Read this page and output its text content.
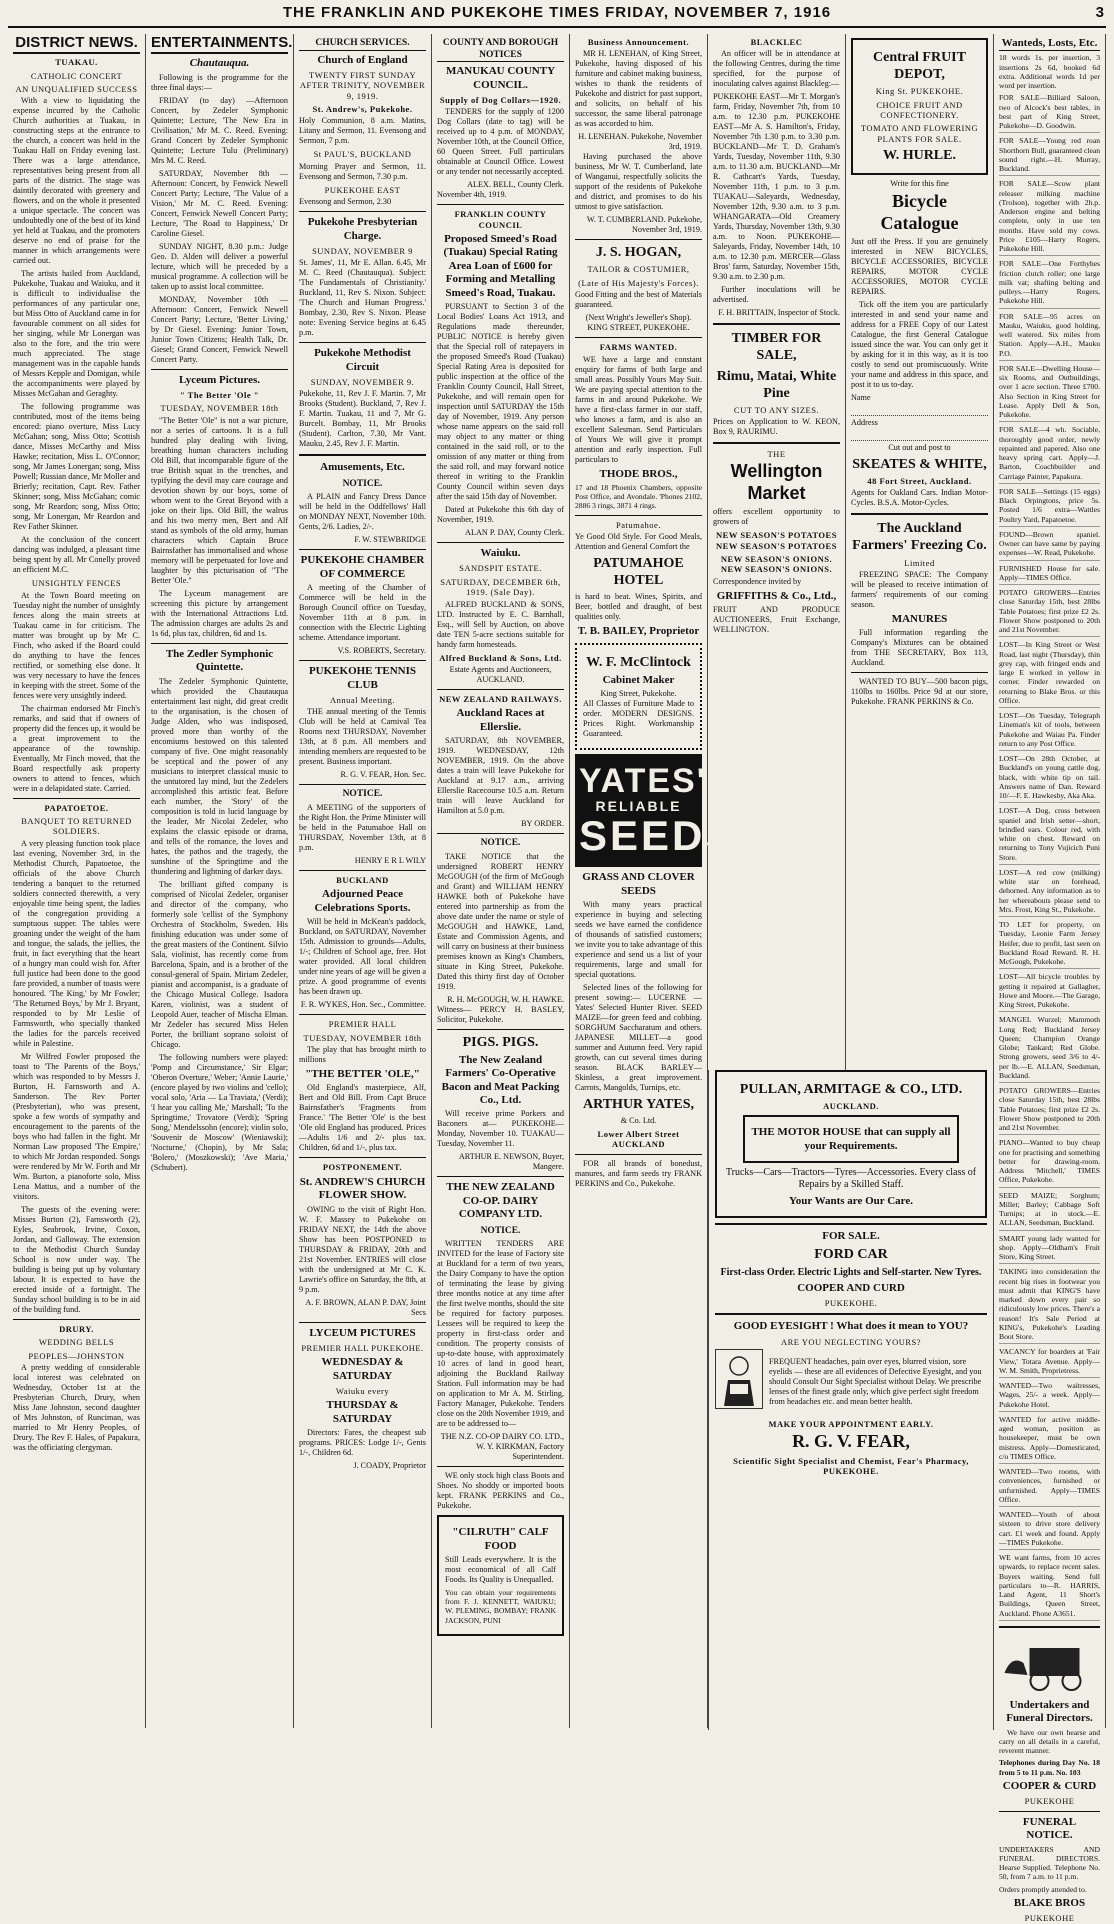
THE FRANKLIN AND PUKEKOHE TIMES FRIDAY, NOVEMBER 7, 1916	3
DISTRICT NEWS.
TUAKAU.
CATHOLIC CONCERT
AN UNQUALIFIED SUCCESS

With a view to liquidating the expense incurred by the Catholic Church authorities at Tuakau, in constructing steps at the entrance to the church, a concert was held in the Tuakau Hall on Friday evening last. There was a large attendance, representatives being present from all parts of the district. The stage was daintily decorated with greenery and flowers, and on the whole it presented a unique spectacle. The concert was undoubtedly one of the best of its kind yet held at Tuakau, and the promoters deserve no end of praise for the manner in which arrangements were carried out.

The artists hailed from Auckland, Pukekohe, Tuakau and Waiuku, and it is difficult to individualise the performances of any particular one, but Miss Otto of Auckland came in for favourable comment on all sides for her singing, while Mr Lonergan was also to the fore, and the trio were much appreciated. The stage management was in the capable hands of Messrs Kepple and Domigan, while the accompaniments were played by Misses McGahan and Geraghty.

The following programme was contributed, most of the items being encored: piano overture, Miss Lucy McGahan; song, Miss Otto; Scottish dance, Misses McCarthy and Miss Hawke; recitation, Miss L. O'Connor; song, Mr James Lonergan; song, Miss Powell; Russian dance, Mr Moller and Brierly; recitation, Capt. Rev. Father Skinner; song, Miss McGahan; comic song, Mr Reardon; song, Miss Otto; song, Mr Lonergan, Mr Reardon and Rev Father Skinner.

At the conclusion of the concert dancing was indulged, a pleasant time being spent by all. Mr Conelly proved an efficient M.C.

UNSIGHTLY FENCES

At the Town Board meeting on Tuesday night the number of unsightly fences along the main streets at Tuakau came in for criticism. The matter was brought up by Mr C. Finch, who asked if the Board could do anything to have the fences rectified, or something else done. It was very necessary to have the fences in keeping with the street. Some of the fences were very unsightly indeed.

The chairman endorsed Mr Finch's remarks, and said that if owners of property did the fences up, it would be a great improvement to the appearance of the township. Eventually, Mr Finch moved, that the Board respectfully ask property owners to attend to fences, which were in a delapidated state. Carried.

PAPATOETOE.
BANQUET TO RETURNED SOLDIERS.

A very pleasing function took place last evening, November 3rd, in the Methodist Church, Papatoetoe, the officials of the above Church tendering a banquet to the returned soldiers connected therewith, a very enjoyable time being spent, the ladies of the congregation providing a sumptuous supper. The tables were groaning under the weight of the ham and tongue, the salads, the jellies, the fruit, in fact everything that the heart of a hungry man could wish for. After full justice had been done to the good fare provided, a number of toasts were honoured. 'The King,' by Mr Fowler; 'The Returned Boys,' by Mr J. Bryant, responded to by Mr Leslie of Farmsworth, who specially thanked the ladies for the parcels received while in Palestine.

Mr Wilfred Fowler proposed the toast to 'The Parents of the Boys,' which was responded to by Messrs J. Burton, H. Farnsworth and A. Sanderson. The Rev Porter (Presbyterian), who was present, spoke a few words of sympathy and encouragement to the parents of the boys who had fallen in the fight. Mr Norman Law proposed 'The Empire,' to which Mr Jordan responded. Songs were rendered by Mr W. Forth and Mr Wm. Burton, a pianoforte solo, Miss Lena Mattus, and a number of the visitors.

The guests of the evening were: Misses Burton (2), Farnsworth (2), Eyles, Seabrook, Irvine, Coxon, Jordan, and Galloway. The extension to the Methodist Church Sunday School is now under way. The building is being put up by voluntary labour. It is expected to have the erected inside of a fortnight. The Sunday school building is to be in aid of the building fund.

DRURY.
WEDDING BELLS
PEOPLES—JOHNSTON

A pretty wedding of considerable local interest was celebrated on Wednesday, October 1st at the Presbyterian Church, Drury, when Miss Jane Johnston, second daughter of Mrs Johnston, of Runciman, was married to Mr Henry Peoples, of Drury. The Rev F. Hales, of Papakura, was the officiating clergyman.

ENTERTAINMENTS.
Chautauqua.

Following is the programme for the three final days:—

FRIDAY (to day) —Afternoon Concert, by Zedeler Symphonic Quintette; Lecture, 'The New Era in Civilisation,' Mr M. C. Reed. Evening: Grand Concert by Zedeler Symphonic Quintette; Lecture Tulu (Preliminary) Mrs M. C. Reed.

SATURDAY, November 8th — Afternoon: Concert, by Fenwick Newell Concert Party; Lecture, 'The Value of a Vision,' Mr M. C. Reed. Evening: Concert, Fenwick Newell Concert Party; Lecture, 'The Road to Happiness,' Dr Caroline Giesel.

SUNDAY NIGHT, 8.30 p.m.: Judge Geo. D. Alden will deliver a powerful lecture, which will be preceded by a musical programme. A collection will be taken up to assist local committee.

MONDAY, November 10th — Afternoon: Concert, Fenwick Newell Concert Party; Lecture, 'Better Living,' by Dr Giesel. Evening: Junior Town, Junior Town Citizens; Health Talk, Dr. Giesel; Grand Concert, Fenwick Newell Concert Party.

Lyceum Pictures.
" The Better 'Ole "
TUESDAY, NOVEMBER 18th

"The Better 'Ole" is not a war picture, nor a series of cartoons. It is a full hundred play dealing with living, breathing human characters including Old Bill, that incomparable figure of the true British squat in the trenches, and typifying the devil may care courage and devotion shown by our boys, some of whom went to the Great Beyond with a joke on their lips. Old Bill, the walrus and his two merry men, Bert and Alf stand as symbols of the old army, human characters which Captain Bruce Bairnsfather has immortalised and whose memory will be perpetuated for love and laughter by this picturisation of "The Better 'Ole."

The Lyceum management are screening this picture by arrangement with the International Attractions Ltd. The admission charges are adults 2s and 1s 6d, plus tax, children, 6d and 1s.

The Zedler Symphonic Quintette.

The Zedeler Symphonic Quintette, which provided the Chautauqua entertainment last night, did great credit to the organisation, is the chosen of Judge Alden, who was indisposed, proved more than worthy of the encomiums bestowed on this talented company of five. One might reasonably be sceptical and the power of any musicians to interpret classical music to the untutored lay mind, but the Zedelers accomplished this artistic feat. Before each number, the 'Story' of the composition is told in lucid language by the leader, Mr Nicolai Zedeler, who explains the classic episode or drama, and tells of the romance, the loves and hates, the pathos and the tragedy, the sunshine of the Springtime and the thundering and lightning of darker days.

The brilliant gifted company is comprised of Nicolai Zedeler, organiser and director of the company, who formerly sole 'cellist of the Symphony Orchestra of Stockholm, Sweden. His finishing education was under some of the great masters of the Continent. Silvio Sala, violinist, has recently come from Barcelona, Spain, and is a brother of the consul-general of Spain. Miriam Zedeler, pianist and accompanist, is a graduate of the Chicago Musical College. Isadora Karen, violinist, was a student of Leopold Auer, teacher of Mischa Elman. Mr Zedeler has secured Miss Helen Porter, the brilliant soprano soloist of Chicago.

The following numbers were played: 'Pomp and Circumstance,' Sir Elgar; 'Oberon Overture,' Weber; 'Annie Laurie,' (encore played by two violins and 'cello); vocal solo, 'Aria — La Traviata,' (Verdi); 'I hear you calling Me,' Marshall; 'To the Springtime,' Trovatore (Verdi); 'Spring Song,' Mendelssohn (encore); violin solo, 'Souvenir de Moscow' (Wieniawski); 'Nocturne,' (Chopin), by Mr Sala; 'Bolero,' (Moszkowski); 'Ave Maria,' (Schubert).

CHURCH SERVICES.
Church of England
TWENTY FIRST SUNDAY AFTER TRINITY, NOVEMBER 9, 1919.
St. Andrew's, Pukekohe.

Holy Communion, 8 a.m. Matins, Litany and Sermon, 11. Evensong and Sermon, 7 p.m.

St PAUL'S, BUCKLAND

Morning Prayer and Sermon, 11. Evensong and Sermon, 7.30 p.m.

PUKEKOHE EAST

Evensong and Sermon, 2.30

Pukekohe Presbyterian Charge.
SUNDAY, NOVEMBER 9

St. James', 11, Mr E. Allan. 6.45, Mr M. C. Reed (Chautauqua). Subject: 'The Fundamentals of Christianity.' Buckland, 11, Rev S. Nixon. Subject: 'The Church and Human Progress.' Bombay, 2.30, Rev S. Nixon. Please note: Evening Service begins at 6.45 p.m.

Pukekohe Methodist Circuit
SUNDAY, NOVEMBER 9.

Pukekohe, 11, Rev J. F. Martin. 7, Mr Brooks (Student). Buckland, 7, Rev J. F. Martin. Tuakau, 11 and 7, Mr G. Burcelt. Bombay, 11, Mr Brooks (Student). Carlton, 7.30, Mr Vant. Mauku, 2.45, Rev J. F. Martin.

Amusements, Etc.
NOTICE.

A PLAIN and Fancy Dress Dance will be held in the Oddfellows' Hall on MONDAY NEXT, November 10th. Gents, 2/6. Ladies, 2/-.

F. W. STEWBRIDGE
PUKEKOHE CHAMBER OF COMMERCE

A meeting of the Chamber of Commerce will be held in the Borough Council office on Tuesday, November 11th at 8 p.m. in connection with the Electric Lighting scheme. Attendance important.

V.S. ROBERTS, Secretary.
PUKEKOHE TENNIS CLUB
Annual Meeting.

THE annual meeting of the Tennis Club will be held at Carnival Tea Rooms next THURSDAY, November 13th, at 8 p.m. All members and intending members are requested to be present. Business important.

R. G. V. FEAR, Hon. Sec.
NOTICE.

A MEETING of the supporters of the Right Hon. the Prime Minister will be held in the Patumahoe Hall on THURSDAY, November 13th, at 8 p.m.

HENRY E R L WILY
BUCKLAND
Adjourned Peace Celebrations Sports.

Will be held in McKean's paddock, Buckland, on SATURDAY, November 15th. Admission to grounds—Adults, 1/-; Children of School age, free. Hot water provided. All local children under nine years of age will be given a prize. A good programme of events has been drawn up.

F. R. WYKES, Hon. Sec., Committee.
PREMIER HALL
TUESDAY, NOVEMBER 18th

The play that has brought mirth to millions

"THE BETTER 'OLE,"

Old England's masterpiece, Alf, Bert and Old Bill. From Capt Bruce Bairnsfather's 'Fragments from France.' 'The Better 'Ole' is the best 'Ole old England has produced. Prices—Adults 1/6 and 2/- plus tax. Children, 6d and 1/-, plus tax.

POSTPONEMENT.
St. ANDREW'S CHURCH FLOWER SHOW.

OWING to the visit of Right Hon. W. F. Massey to Pukekohe on FRIDAY NEXT, the 14th the above Show has been POSTPONED to THURSDAY & FRIDAY, 20th and 21st November. ENTRIES will close with the undersigned at Mr C. K. Lawrie's office on Saturday, the 8th, at 9 p.m.

A. F. BROWN, ALAN P. DAY, Joint Secs
LYCEUM PICTURES
PREMIER HALL PUKEKOHE.
WEDNESDAY & SATURDAY
Waiuku every
THURSDAY & SATURDAY

Directors: Fares, the cheapest sub programs. PRICES: Lodge 1/-, Gents 1/-, Children 6d.

J. COADY, Proprietor
COUNTY AND BOROUGH NOTICES
MANUKAU COUNTY COUNCIL.
Supply of Dog Collars—1920.

TENDERS for the supply of 1200 Dog Collars (date to tag) will be received up to 4 p.m. of MONDAY, November 10th, at the Council Office, 60 Queen Street. Full particulars obtainable at Council Office. Lowest or any tender not necessarily accepted.

ALEX. BELL, County Clerk.
November 4th, 1919.
FRANKLIN COUNTY COUNCIL
Proposed Smeed's Road (Tuakau) Special Rating Area Loan of £600 for Forming and Metalling Smeed's Road, Tuakau.

PURSUANT to Section 3 of the Local Bodies' Loans Act 1913, and Regulations made thereunder, PUBLIC NOTICE is hereby given that the Special roll of ratepayers in the proposed Smeed's Road (Tuakau) Special Rating Area is deposited for public inspection at the office of the Franklin County Council, Hall Street, Pukekohe, and will remain open for inspection until SATURDAY the 15th day of November, 1919. Any person whose name appears on the said roll may object to any matter or thing contained in the said roll, or to the omission of any matter or thing from the said roll, and may forward notice thereof in writing to the Franklin County Council within seven days after the said 15th day of November.

Dated at Pukekohe this 6th day of November, 1919.

ALAN P. DAY, County Clerk.
Waiuku.
SANDSPIT ESTATE.
SATURDAY, DECEMBER 6th, 1919. (Sale Day).

ALFRED BUCKLAND & SONS, LTD. Instructed by E. C. Barnhall, Esq., will Sell by Auction, on above date TEN 5-acre sections suitable for handy farm homesteads.

Alfred Buckland & Sons, Ltd.
Estate Agents and Auctioneers, AUCKLAND.
NEW ZEALAND RAILWAYS.
Auckland Races at Ellerslie.

SATURDAY, 8th NOVEMBER, 1919. WEDNESDAY, 12th NOVEMBER, 1919. On the above dates a train will leave Pukekohe for Auckland at 9.17 a.m., arriving Ellerslie Racecourse 10.5 a.m. Return train will leave Auckland for Hamilton at 5.0 p.m.

BY ORDER.
NOTICE.

TAKE NOTICE that the undersigned ROBERT HENRY McGOUGH (of the firm of McGough and Grant) and WILLIAM HENRY HAWKE both of Pukekohe have entered into partnership as from the above date under the name or style of McGOUGH and HAWKE, Land, Estate and Commission Agents, and will carry on business at their business premises known as King's Chambers, situate in King Street, Pukekohe. Dated this thirty first day of October 1919.

R. H. McGOUGH, W. H. HAWKE.

Witness— PERCY H. BASLEY, Solicitor, Pukekohe.

PIGS. PIGS.
The New Zealand Farmers' Co-Operative Bacon and Meat Packing Co., Ltd.

Will receive prime Porkers and Baconers at— PUKEKOHE—Monday, November 10. TUAKAU—Tuesday, November 11.

ARTHUR E. NEWSON, Buyer, Mangere.
THE NEW ZEALAND CO-OP. DAIRY COMPANY LTD.
NOTICE.

WRITTEN TENDERS ARE INVITED for the lease of Factory site at Buckland for a term of two years, the Dairy Company to have the option of terminating the lease by giving three months notice at any time after the first twelve months, should the site be required for factory purposes. Lessees will be required to keep the property in first-class order and condition. The property consists of up-to-date house, with approximately 10 acres of land in good heart, adjoining the Buckland Railway Station. Full information may be had on application to Mr A. M. Stirling, Factory Manager, Pukekohe. Tenders close on the 20th November 1919, and are to be addressed to—

THE N.Z. CO-OP DAIRY CO. LTD., W. Y. KIRKMAN, Factory Superintendent.

WE only stock high class Boots and Shoes. No shoddy or imported boots kept. FRANK PERKINS and Co., Pukekohe.

"CILRUTH" CALF FOOD

Still Leads everywhere. It is the most economical of all Calf Foods. Its Quality is Unequalled.

You can obtain your requirements from F. J. KENNETT, WAIUKU; W. PLEMING, BOMBAY; FRANK JACKSON, PUNI

Business Announcement.

MR H. LENEHAN, of King Street, Pukekohe, having disposed of his furniture and cabinet making business, wishes to thank the residents of Pukekohe and district for past support, and solicits, on behalf of his successor, the same liberal patronage as was accorded to him.

H. LENEHAN. Pukekohe, November 3rd, 1919.

Having purchased the above business, Mr W. T. Cumberland, late of Wanganui, respectfully solicits the support of the residents of Pukekohe and district, and promises to do his utmost to give satisfaction.

W. T. CUMBERLAND. Pukekohe, November 3rd, 1919.
J. S. HOGAN,
TAILOR & COSTUMIER,
(Late of His Majesty's Forces).

Good Fitting and the best of Materials guaranteed.

(Next Wright's Jeweller's Shop).
KING STREET, PUKEKOHE.
FARMS WANTED.

WE have a large and constant enquiry for farms of both large and small areas. Possibly Yours May Suit. We are paying special attention to the farms in and around Pukekohe. We have a first-class farmer in our staff, who knows a farm, and is also an excellent Salesman. Send Particulars of Yours We will give it prompt attention and early inspection. Full particulars to

THODE BROS.,

17 and 18 Phoenix Chambers, opposite Post Office, and Avondale. 'Phones 2102, 2886 3 rings, 3871 4 rings.

Patumahoe.

Ye Good Old Style. For Good Meals, Attention and General Comfort the

PATUMAHOE HOTEL

is hard to beat. Wines, Spirits, and Beer, bottled and draught, of best qualities only.

T. B. BAILEY, Proprietor
W. F. McClintock
Cabinet Maker
King Street, Pukekohe.

All Classes of Furniture Made to order. MODERN DESIGNS. Prices Right. Workmanship Guaranteed.

YATES'
RELIABLE
SEEDS
GRASS AND CLOVER SEEDS

With many years practical experience in buying and selecting seeds we have earned the confidence of thousands of satisfied customers; we invite you to take advantage of this experience and send us a list of your requirements, large and small for special quotations.

Selected lines of the following for present sowing:— LUCERNE — Yates' Selected Hunter River. SEED MAIZE—for green feed and cobbing. SORGHUM Saccharatum and others. JAPANESE MILLET—a good summer and Autumn feed. Very rapid growth, can cut several times during season. BLACK BARLEY— Skinless, a great improvement. Carrots, Mangolds, Turnips, etc.

ARTHUR YATES,
& Co. Ltd.
Lower Albert Street AUCKLAND

FOR all brands of bonedust, manures, and farm seeds try FRANK PERKINS and Co., Pukekohe.

BLACKLEC

An officer will be in attendance at the following Centres, during the time specified, for the purpose of inoculating calves against Blackleg:—

PUKEKOHE EAST—Mr T. Morgan's farm, Friday, November 7th, from 10 a.m. to 12.30 p.m. PUKEKOHE EAST—Mr A. S. Hamilton's, Friday, November 7th 1.30 p.m. to 3.30 p.m. BUCKLAND—Mr T. D. Graham's Yards, Tuesday, November 11th, 9.30 a.m. to 11.30 a.m. BUCKLAND—Mr R. Cathcart's Yards, Tuesday, November 11th, 1 p.m. to 3 p.m. TUAKAU—Saleyards, Wednesday, November 12th, 9.30 a.m. to 3 p.m. WHANGARATA—Old Creamery Yards, Thursday, November 13th, 9.30 a.m. to Noon. PUKEKOHE—Saleyards, Friday, November 14th, 10 a.m. to 12.30 p.m. MERCER—Glass Bros' farm, Saturday, November 15th, 9.30 a.m. to 2.30 p.m.

Further inoculations will be advertised.

F. H. BRITTAIN, Inspector of Stock.
TIMBER FOR SALE,
Rimu, Matai, White Pine
CUT TO ANY SIZES.

Prices on Application to W. KEON, Box 9, RAURIMU.

THE
Wellington Market

offers excellent opportunity to growers of

NEW SEASON'S POTATOES NEW SEASON'S POTATOES
NEW SEASON'S ONIONS. NEW SEASON'S ONIONS.

Correspondence invited by

GRIFFITHS & Co., Ltd.,

FRUIT AND PRODUCE AUCTIONEERS, Fruit Exchange, WELLINGTON.

Central FRUIT DEPOT,
King St. PUKEKOHE.
CHOICE FRUIT AND CONFECTIONERY.
TOMATO AND FLOWERING PLANTS FOR SALE.
W. HURLE.
Write for this fine
Bicycle Catalogue

Just off the Press. If you are genuinely interested in NEW BICYCLES, BICYCLE ACCESSORIES, BICYCLE REPAIRS, MOTOR CYCLE ACCESSORIES, MOTOR CYCLE REPAIRS.

Tick off the item you are particularly interested in and send your name and address for a FREE Copy of our Latest Catalogue, the first General Catalogue issued since the war. You can only get it by asking for it in this way, as it is too costly to send out promiscuously. Write your name and address in this space, and post it to us to-day.

Name
Address
Cut out and post to
SKEATES & WHITE,
48 Fort Street, Auckland.

Agents for Oakland Cars. Indian Motor-Cycles. B.S.A. Motor-Cycles.

The Auckland Farmers' Freezing Co.
Limited

FREEZING SPACE: The Company will be pleased to receive intimation of farmers' requirements of our coming season.

MANURES

Full information regarding the Company's Mixtures can be obtained from THE SECRETARY, Box 113, Auckland.

WANTED TO BUY—500 bacon pigs, 110lbs to 160lbs. Price 9d at our store, Pukekohe. FRANK PERKINS & Co.

Wanteds, Losts, Etc.

18 words 1s. per insertion, 3 insertions 2s 6d, booked 6d extra. Additional words 1d per word per insertion.

FOR SALE—Billiard Saloon, two of Alcock's best tables, in best part of King Street, Pukekohe—D. Goodwin.

FOR SALE—Young red roan Shorthorn Bull, guaranteed clean sound right.—H. Murray, Buckland.

FOR SALE—Scow plant releaser milking machine (Trolson), together with 2h.p. Anderson engine and belting complete, only in use ten months. Have sold my cows. Price £105—Harry Rogers, Pukekohe Hill.

FOR SALE—One Forthyhes friction clutch roller; one large milk vat; shafting belting and pulleys.—Harry Rogers, Pukekohe Hill.

FOR SALE—95 acres on Mauku, Waiuku, good holding, well watered. Six miles from Station. Apply—A.H., Mauku P.O.

FOR SALE—Dwelling House—six Rooms, and Outbuildings, over 1 acre section. Three £700. Also Section in King Street for Lease. Apply Dell & Son, Pukekohe.

FOR SALE—4 wh. Sociable, thoroughly good order, newly repainted and papered. Also one heavy spring cart. Apply—J. Barton, Coachbuilder and Carriage Painter, Papakura.

FOR SALE—Settings (15 eggs) Black Orpingtons, price 5s. Posted 1/6 extra—Wattles Poultry Yard, Papatoetoe.

FOUND—Brown spaniel. Owner can have same by paying expenses—W. Read, Pukekohe.

FURNISHED House for sale. Apply—TIMES Office.

POTATO GROWERS—Entries close Saturday 15th, best 28lbs Table Potatoes; first prize £2 2s. Flower Show postponed to 20th and 21st November.

LOST—In King Street or West Road, last night (Thursday), thin grey cap, with fringed ends and large E worked in yellow in corner. Finder rewarded on returning to Blake Bros. or this Office.

LOST—On Tuesday, Telegraph Lineman's kit of tools, between Pukekohe and Waiau Pa. Finder return to any Post Office.

LOST—On 28th October, at Buckland's on young cattle dog, black, with white tip on tail. Answers name of Dan. Reward 10/—F. E. Hawkesby, Aka Aka.

LOST—A Dog, cross between spaniel and Irish setter—short, brindled ears. Colour red, with white on chest. Reward on returning to Tony Vujicich Puni Store.

LOST—A red cow (milking) white star on forehead, dehorned. Any information as to her whereabouts please send to Mrs. Frost, King St., Pukekohe.

TO LET for property, on Tuesday, Leonie Farm Jersey Heifer, due to profit, last seen on Buckland Road Reward. R. H. McGough, Pukekohe.

LOST—All bicycle troubles by getting it repaired at Gallagher, Howe and Moore.—The Garage, King Street, Pukekohe.

MANGEL Wurzel; Mammoth Long Red; Buckland Jersey Queen; Champion Orange Globe; Tankard; Red Globe. Strong growers, seed 3/6 to 4/- per lb.—E. ALLAN, Seedsman, Buckland.

POTATO GROWERS—Entries close Saturday 15th, best 28lbs Table Potatoes; first prize £2 2s. Flower Show postponed to 20th and 21st November.

PIANO—Wanted to buy cheap one for practising and something better for drawing-room. Address 'Mitchell,' TIMES Office, Pukekohe.

SEED MAIZE; Sorghum; Millet; Barley; Cabbage Soft Turnips; at in stock.—E. ALLAN, Seedsman, Buckland.

SMART young lady wanted for shop. Apply—Oldham's Fruit Store, King Street.

TAKING into consideration the recent big rises in footwear you must admit that KING'S have marked down every pair so ridiculously low prices. There's a reason! It's Sale Period at KING's, Pukekohe's Leading Boot Store.

VACANCY for boarders at 'Fair View,' Totara Avenue. Apply—W. M. Smith, Proprietress.

WANTED—Two waitresses, Wages, 25/- a week. Apply—Pukekohe Hotel.

WANTED for active middle-aged woman, position as housekeeper, must be own mistress. Apply—Domesticated, c/o TIMES Office.

WANTED—Two rooms, with conveniences, furnished or unfurnished. Apply—TIMES Office.

WANTED—Youth of about sixteen to drive store delivery cart. £1 week and found. Apply—TIMES Pukekohe.

WE want farms, from 10 acres upwards, to replace recent sales. Buyers waiting. Send full particulars to—R. HARRIS, Land Agent, 11 Short's Buildings, Queen Street, Auckland. Phone A3651.

Undertakers and Funeral Directors.

We have our own hearse and carry on all details in a careful, reverent manner.

Telephones during Day No. 18 from 5 to 11 p.m. No. 103

COOPER & CURD
PUKEKOHE
FUNERAL NOTICE.

UNDERTAKERS AND FUNERAL DIRECTORS. Hearse Supplied. Telephone No. 50, from 7 a.m. to 11 p.m.

Orders promptly attended to.

BLAKE BROS
PUKEKOHE
PULLAN, ARMITAGE & CO., LTD.
AUCKLAND.
THE MOTOR HOUSE that can supply all your Requirements.
Trucks—Cars—Tractors—Tyres—Accessories. Every class of Repairs by a Skilled Staff.
Your Wants are Our Care.
FOR SALE.
FORD CAR
First-class Order. Electric Lights and Self-starter. New Tyres.
COOPER AND CURD
PUKEKOHE.
GOOD EYESIGHT ! What does it mean to YOU?
ARE YOU NEGLECTING YOURS?

FREQUENT headaches, pain over eyes, blurred vision, sore eyelids — these are all evidences of Defective Eyesight, and you should Consult Our Sight Specialist without Delay. We prescribe lenses of the finest grade only, which give perfect sight freedom from headaches etc. and mean better health.

MAKE YOUR APPOINTMENT EARLY.
R. G. V. FEAR,
Scientific Sight Specialist and Chemist, Fear's Pharmacy, PUKEKOHE.
